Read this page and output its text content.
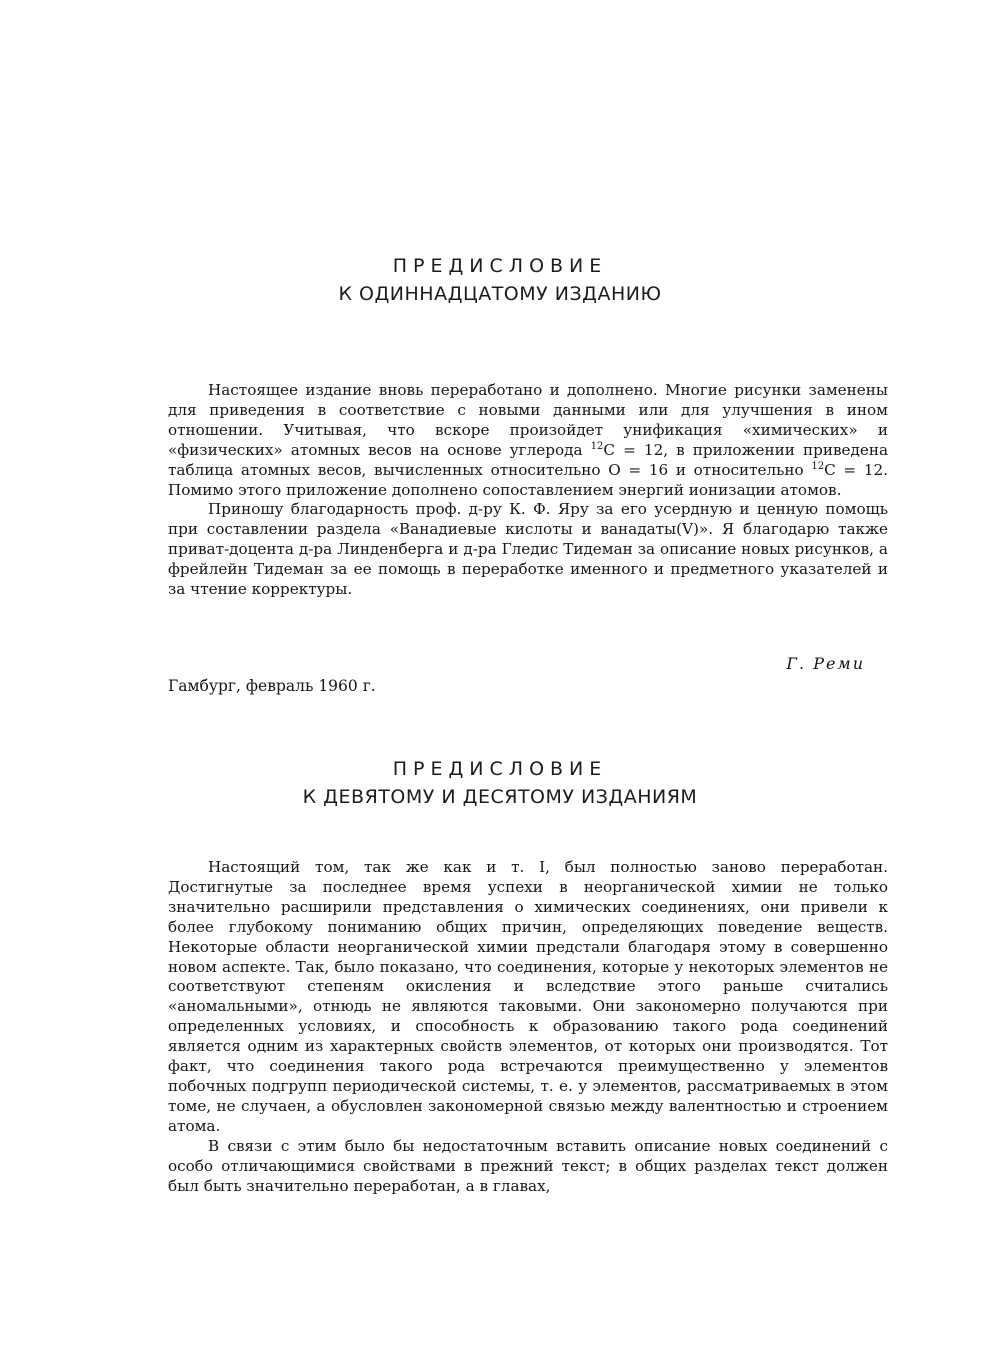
ПРЕДИСЛОВИЕ
К ОДИННАДЦАТОМУ ИЗДАНИЮ

Настоящее издание вновь переработано и дополнено. Многие рисунки заменены для приведения в соответствие с новыми данными или для улучшения в ином отношении. Учитывая, что вскоре произойдет унификация «химических» и «физических» атомных весов на основе углерода $^{12}$C = 12, в приложении приведена таблица атомных весов, вычисленных относительно O = 16 и относительно $^{12}$C = 12. Помимо этого приложение дополнено сопоставлением энергий ионизации атомов.

Приношу благодарность проф. д-ру К. Ф. Яру за его усердную и ценную помощь при составлении раздела «Ванадиевые кислоты и ванадаты(V)». Я благодарю также приват-доцента д-ра Линденберга и д-ра Гледис Тидеман за описание новых рисунков, а фрейлейн Тидеман за ее помощь в переработке именного и предметного указателей и за чтение корректуры.

Г. Реми
Гамбург, февраль 1960 г.
ПРЕДИСЛОВИЕ
К ДЕВЯТОМУ И ДЕСЯТОМУ ИЗДАНИЯМ

Настоящий том, так же как и т. I, был полностью заново переработан. Достигнутые за последнее время успехи в неорганической химии не только значительно расширили представления о химических соединениях, они привели к более глубокому пониманию общих причин, определяющих поведение веществ. Некоторые области неорганической химии предстали благодаря этому в совершенно новом аспекте. Так, было показано, что соединения, которые у некоторых элементов не соответствуют степеням окисления и вследствие этого раньше считались «аномальными», отнюдь не являются таковыми. Они закономерно получаются при определенных условиях, и способность к образованию такого рода соединений является одним из характерных свойств элементов, от которых они производятся. Тот факт, что соединения такого рода встречаются преимущественно у элементов побочных подгрупп периодической системы, т. е. у элементов, рассматриваемых в этом томе, не случаен, а обусловлен закономерной связью между валентностью и строением атома.

В связи с этим было бы недостаточным вставить описание новых соединений с особо отличающимися свойствами в прежний текст; в общих разделах текст должен был быть значительно переработан, а в главах,
